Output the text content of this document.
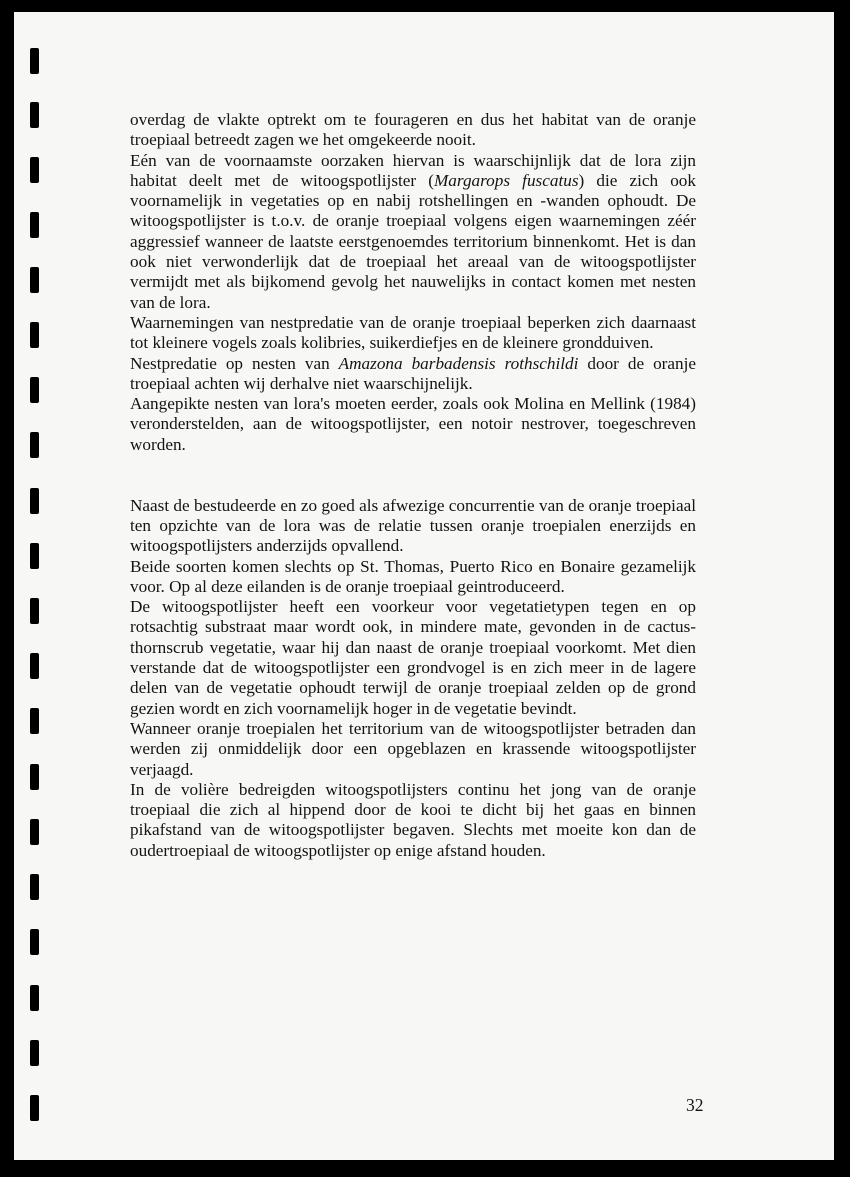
overdag de vlakte optrekt om te fourageren en dus het habitat van de oranje troepiaal betreedt zagen we het omgekeerde nooit.

Eén van de voornaamste oorzaken hiervan is waarschijnlijk dat de lora zijn habitat deelt met de witoogspotlijster (Margarops fuscatus) die zich ook voornamelijk in vegetaties op en nabij rotshellingen en -wanden ophoudt. De witoogspotlijster is t.o.v. de oranje troepiaal volgens eigen waarnemingen zéér aggressief wanneer de laatste eerstgenoemdes territorium binnenkomt. Het is dan ook niet verwonderlijk dat de troepiaal het areaal van de witoogspotlijster vermijdt met als bijkomend gevolg het nauwelijks in contact komen met nesten van de lora.

Waarnemingen van nestpredatie van de oranje troepiaal beperken zich daarnaast tot kleinere vogels zoals kolibries, suikerdiefjes en de kleinere grondduiven.

Nestpredatie op nesten van Amazona barbadensis rothschildi door de oranje troepiaal achten wij derhalve niet waarschijnelijk.

Aangepikte nesten van lora's moeten eerder, zoals ook Molina en Mellink (1984) veronderstelden, aan de witoogspotlijster, een notoir nestrover, toegeschreven worden.

Naast de bestudeerde en zo goed als afwezige concurrentie van de oranje troepiaal ten opzichte van de lora was de relatie tussen oranje troepialen enerzijds en witoogspotlijsters anderzijds opvallend.

Beide soorten komen slechts op St. Thomas, Puerto Rico en Bonaire gezamelijk voor. Op al deze eilanden is de oranje troepiaal geintroduceerd.

De witoogspotlijster heeft een voorkeur voor vegetatietypen tegen en op rotsachtig substraat maar wordt ook, in mindere mate, gevonden in de cactus-thornscrub vegetatie, waar hij dan naast de oranje troepiaal voorkomt. Met dien verstande dat de witoogspotlijster een grondvogel is en zich meer in de lagere delen van de vegetatie ophoudt terwijl de oranje troepiaal zelden op de grond gezien wordt en zich voornamelijk hoger in de vegetatie bevindt.

Wanneer oranje troepialen het territorium van de witoogspotlijster betraden dan werden zij onmiddelijk door een opgeblazen en krassende witoogspotlijster verjaagd.

In de volière bedreigden witoogspotlijsters continu het jong van de oranje troepiaal die zich al hippend door de kooi te dicht bij het gaas en binnen pikafstand van de witoogspotlijster begaven. Slechts met moeite kon dan de oudertroepiaal de witoogspotlijster op enige afstand houden.

32
